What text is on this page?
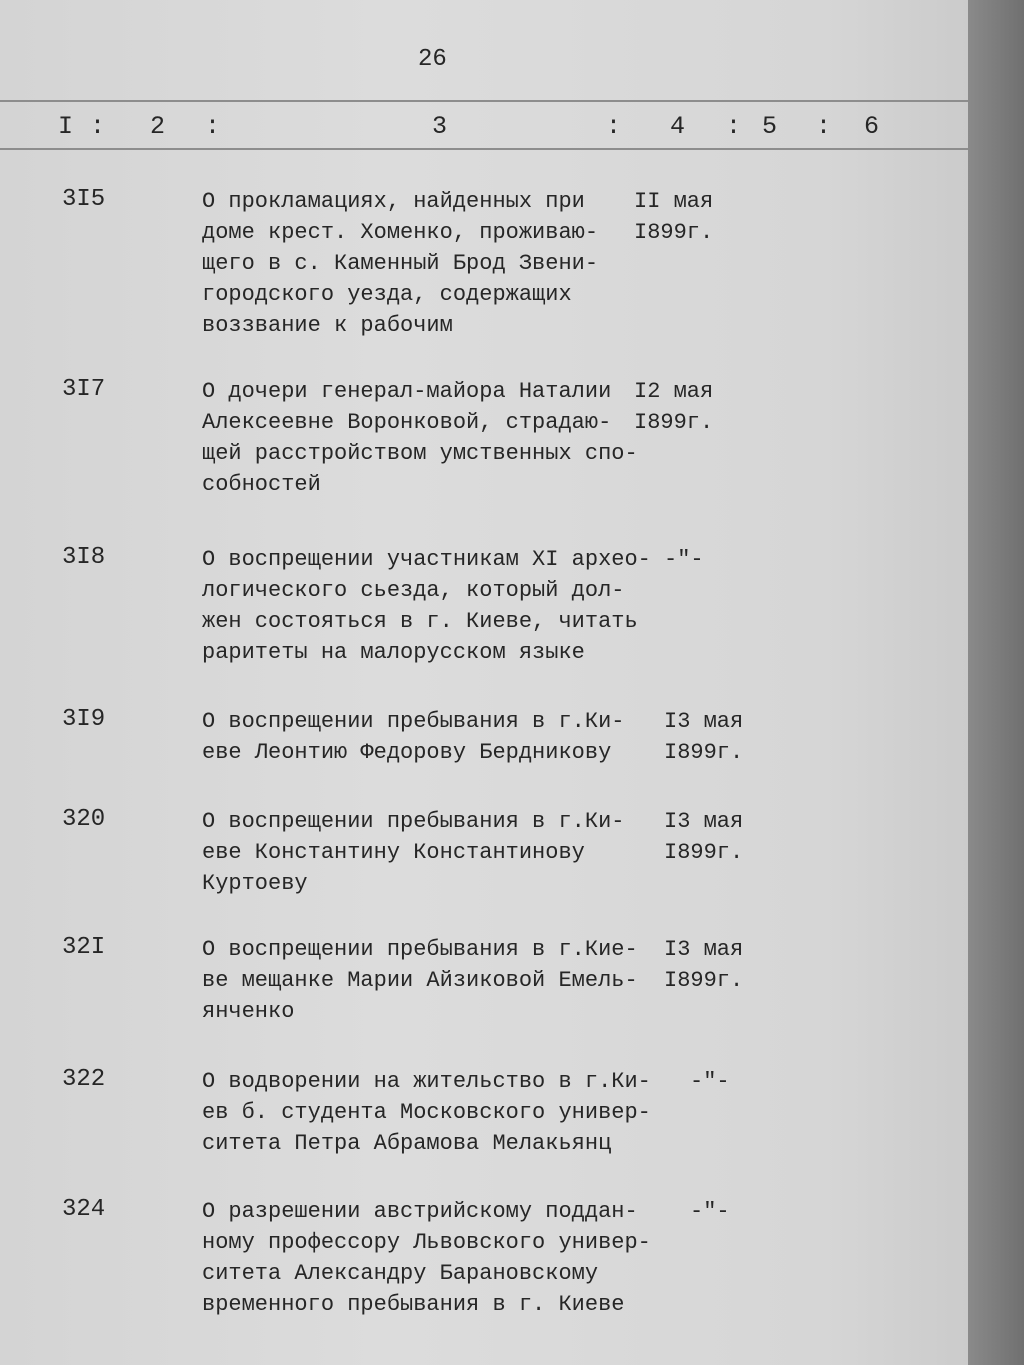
26
I : 2 :	3	: 4 : 5 : 6
3I5	О прокламациях, найденных при
доме крест. Хоменко, проживаю-
щего в с. Каменный Брод Звени-
городского уезда, содержащих
воззвание к рабочим
II мая
I899г.
3I7	О дочери генерал-майора Наталии
Алексеевне Воронковой, страдаю-
щей расстройством умственных спо-
собностей
I2 мая
I899г.
3I8	О воспрещении участникам XI архео-
логического сьезда, который дол-
жен состояться в г. Киеве, читать
раритеты на малорусском языке
-"-
3I9	О воспрещении пребывания в г.Ки-
еве Леонтию Федорову Бердникову
I3 мая
I899г.
320	О воспрещении пребывания в г.Ки-
еве Константину Константинову
Куртоеву
I3 мая
I899г.
32I	О воспрещении пребывания в г.Кие-
ве мещанке Марии Айзиковой Емель-
янченко
I3 мая
I899г.
322	О водворении на жительство в г.Ки-
ев б. студента Московского универ-
ситета Петра Абрамова Мелакьянц
-"-
324	О разрешении австрийскому поддан-
ному профессору Львовского универ-
ситета Александру Барановскому
временного пребывания в г. Киеве
-"-
